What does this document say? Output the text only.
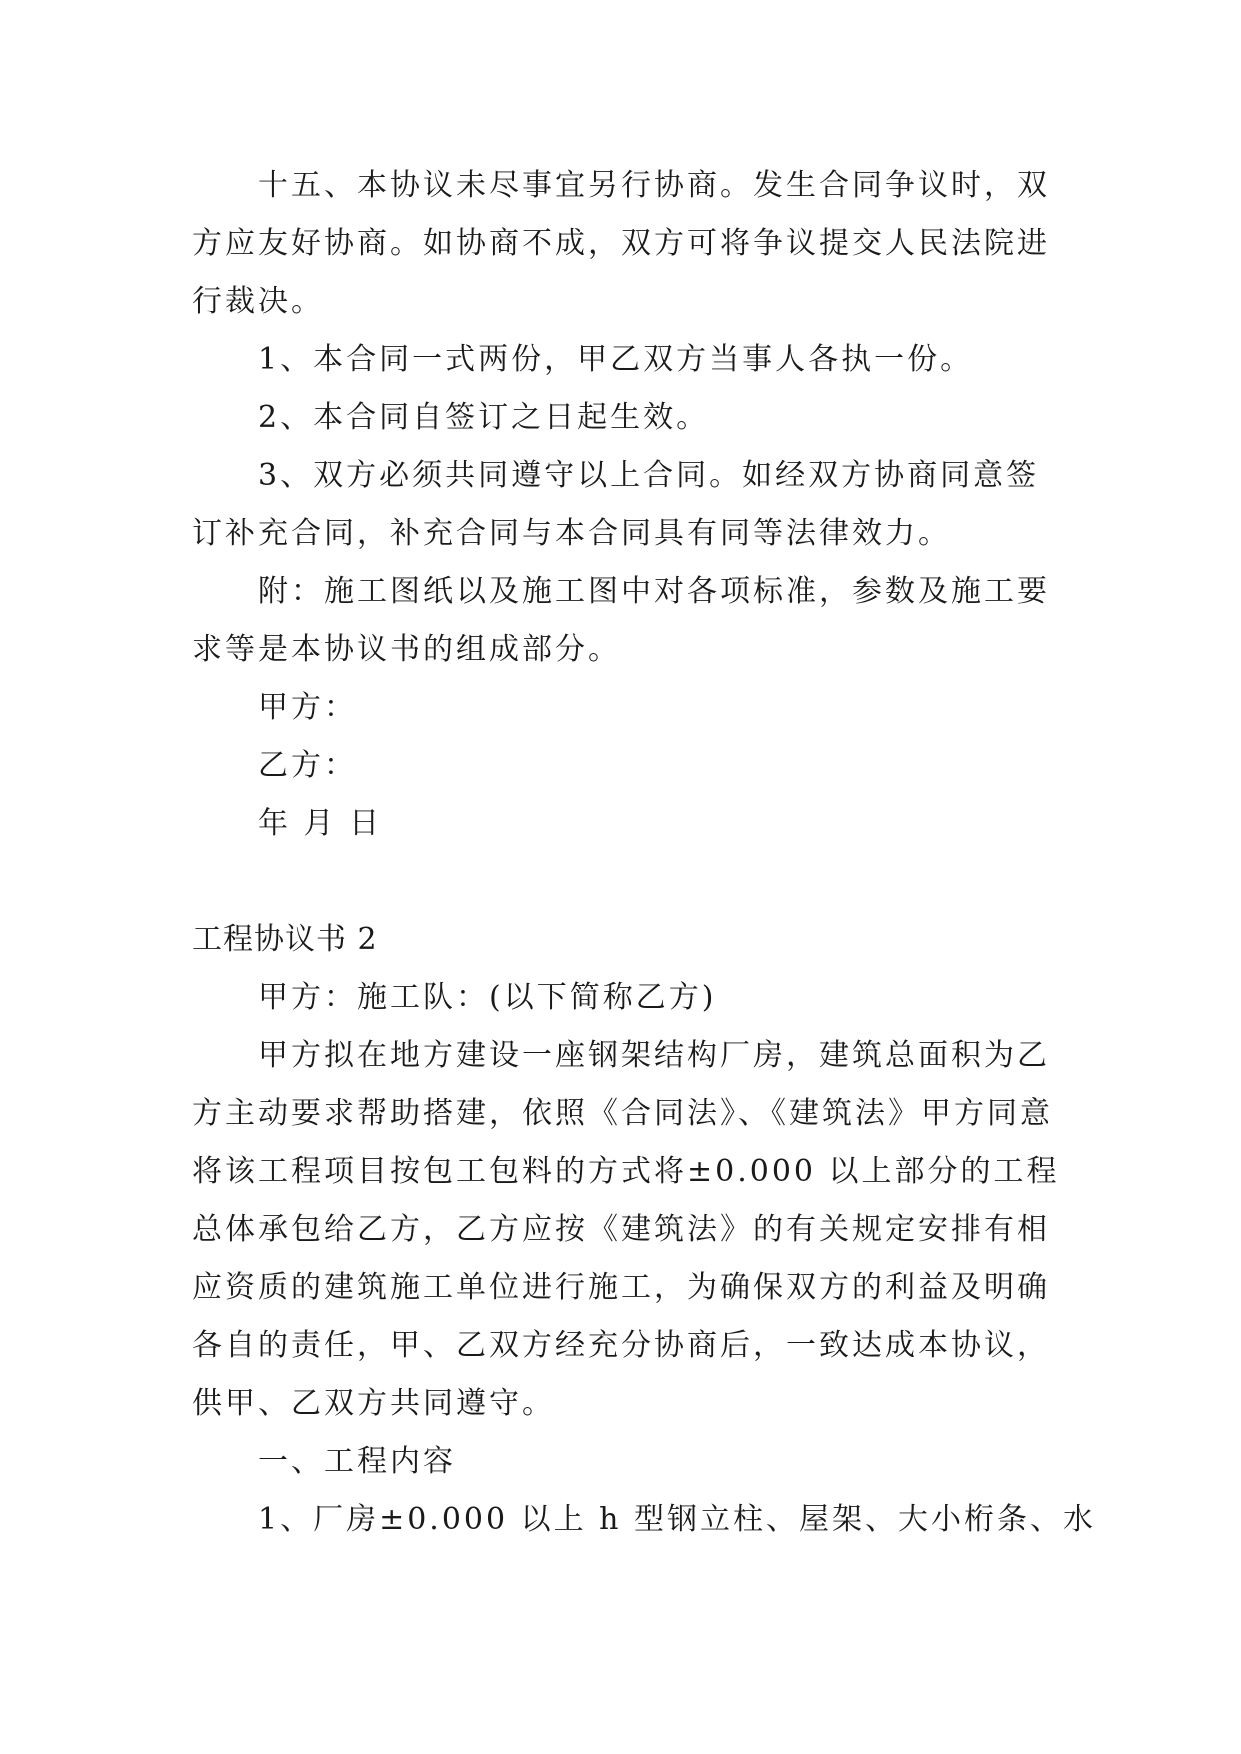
十五、本协议未尽事宜另行协商。发生合同争议时，双
方应友好协商。如协商不成，双方可将争议提交人民法院进
行裁决。
1、本合同一式两份，甲乙双方当事人各执一份。
2、本合同自签订之日起生效。
3、双方必须共同遵守以上合同。如经双方协商同意签
订补充合同，补充合同与本合同具有同等法律效力。
附：施工图纸以及施工图中对各项标准，参数及施工要
求等是本协议书的组成部分。
甲方：
乙方：
年 月 日
工程协议书 2
甲方：施工队：(以下简称乙方)
甲方拟在地方建设一座钢架结构厂房，建筑总面积为乙
方主动要求帮助搭建，依照《合同法》、《建筑法》甲方同意
将该工程项目按包工包料的方式将±0.000 以上部分的工程
总体承包给乙方，乙方应按《建筑法》的有关规定安排有相
应资质的建筑施工单位进行施工，为确保双方的利益及明确
各自的责任，甲、乙双方经充分协商后，一致达成本协议，
供甲、乙双方共同遵守。
一、工程内容
1、厂房±0.000 以上 h 型钢立柱、屋架、大小桁条、水
